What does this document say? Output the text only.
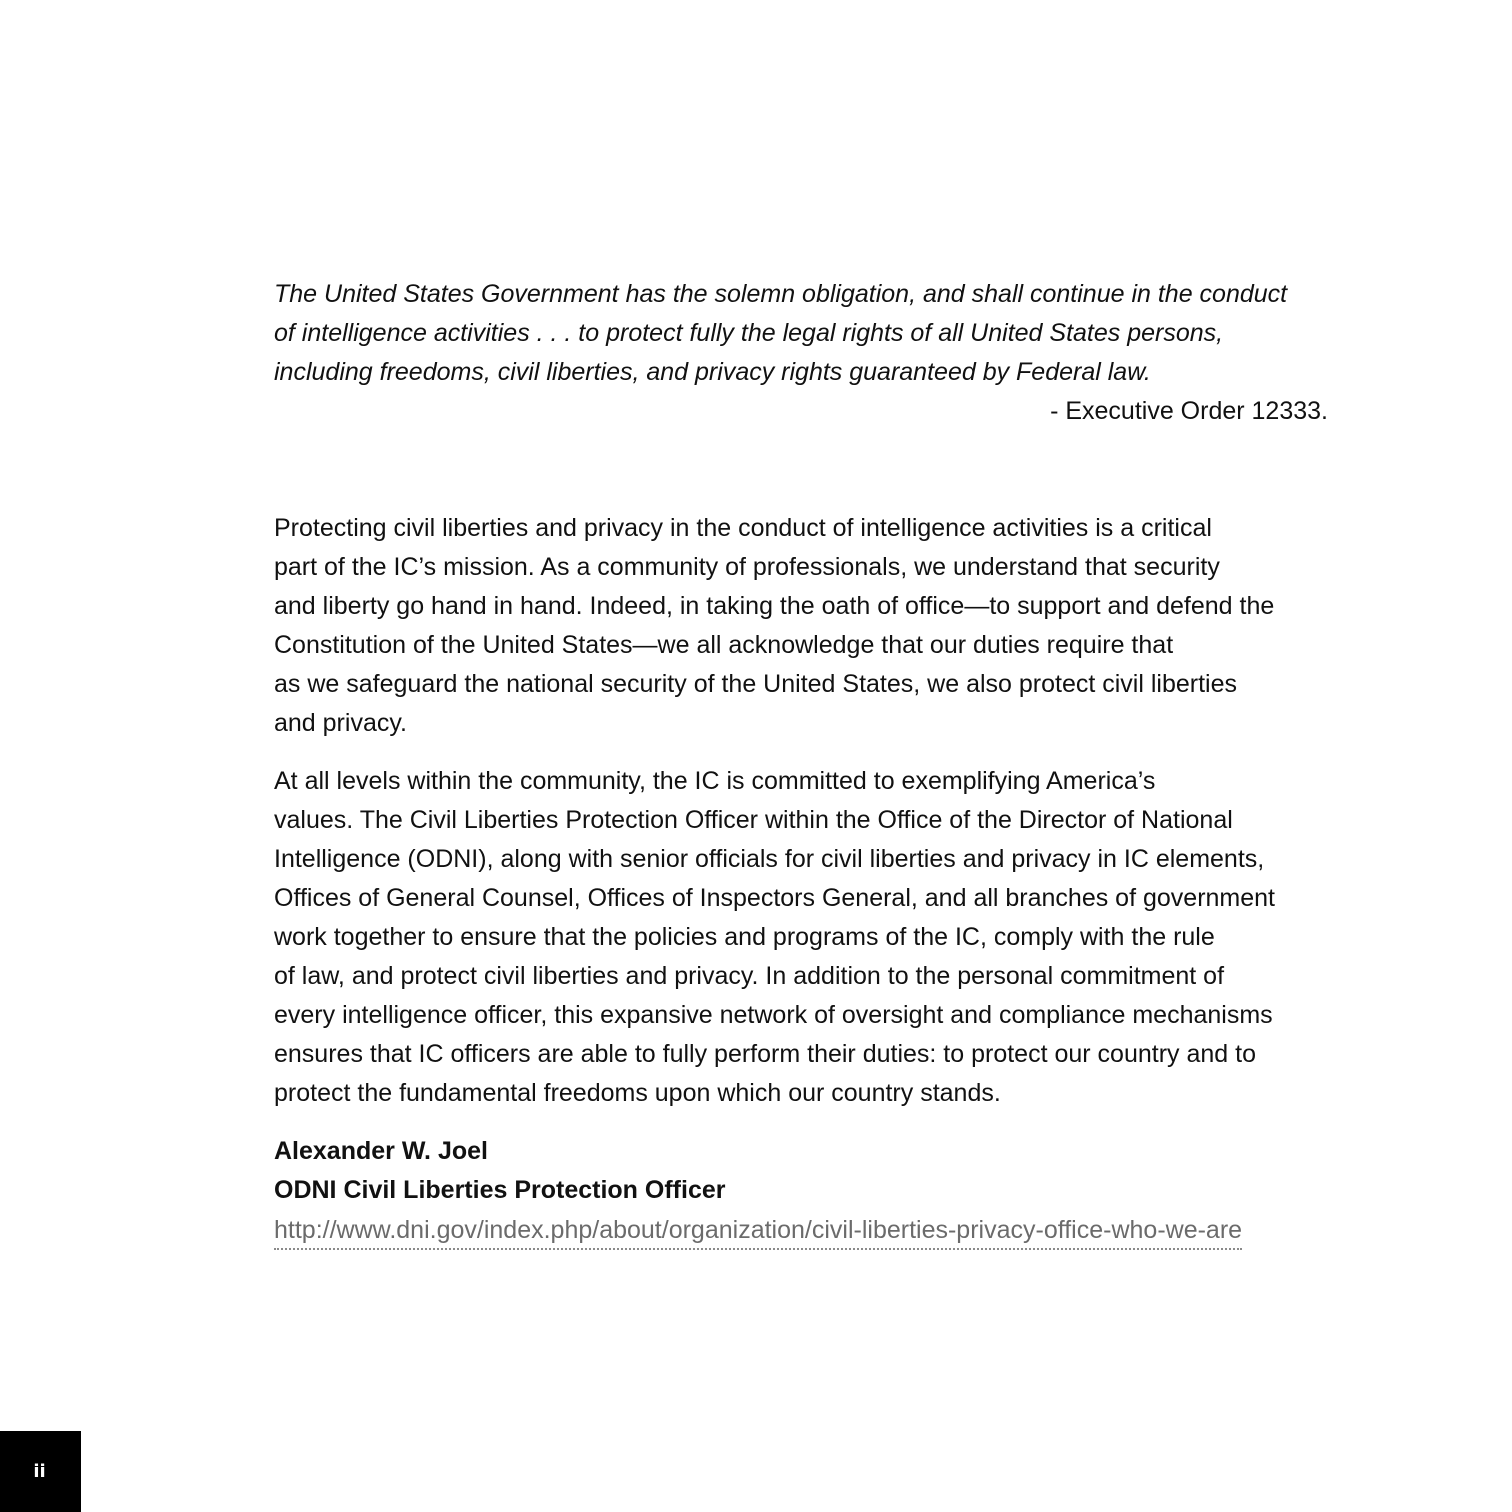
The United States Government has the solemn obligation, and shall continue in the conduct
of intelligence activities . . . to protect fully the legal rights of all United States persons,
including freedoms, civil liberties, and privacy rights guaranteed by Federal law.
- Executive Order 12333.
Protecting civil liberties and privacy in the conduct of intelligence activities is a critical
part of the IC’s mission. As a community of professionals, we understand that security
and liberty go hand in hand. Indeed, in taking the oath of office—to support and defend the
Constitution of the United States—we all acknowledge that our duties require that
as we safeguard the national security of the United States, we also protect civil liberties
and privacy.
At all levels within the community, the IC is committed to exemplifying America’s
values. The Civil Liberties Protection Officer within the Office of the Director of National
Intelligence (ODNI), along with senior officials for civil liberties and privacy in IC elements,
Offices of General Counsel, Offices of Inspectors General, and all branches of government
work together to ensure that the policies and programs of the IC, comply with the rule
of law, and protect civil liberties and privacy. In addition to the personal commitment of
every intelligence officer, this expansive network of oversight and compliance mechanisms
ensures that IC officers are able to fully perform their duties: to protect our country and to
protect the fundamental freedoms upon which our country stands.
Alexander W. Joel
ODNI Civil Liberties Protection Officer
http://www.dni.gov/index.php/about/organization/civil-liberties-privacy-office-who-we-are
ii
